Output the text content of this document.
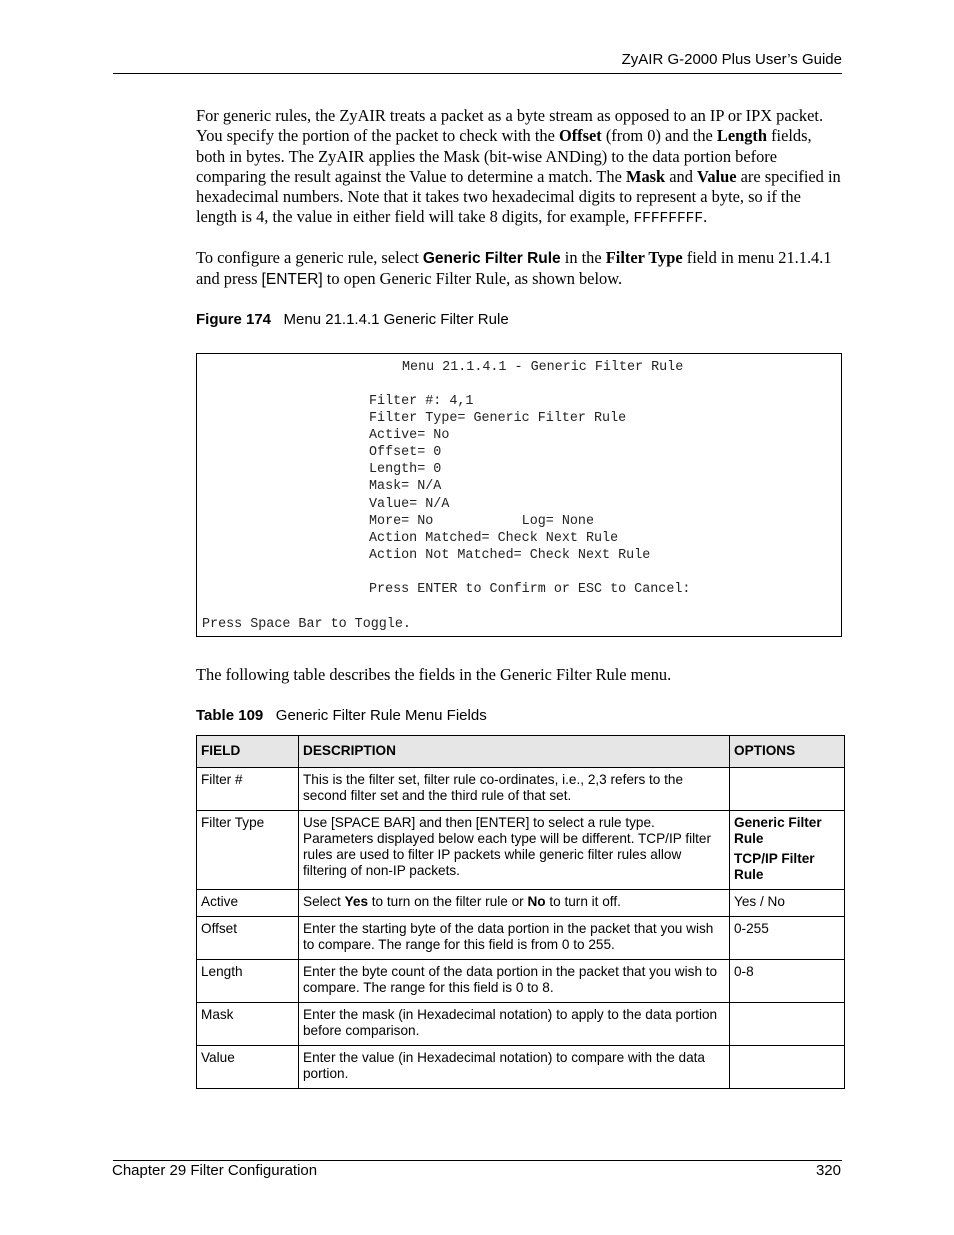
ZyAIR G-2000 Plus User’s Guide

For generic rules, the ZyAIR treats a packet as a byte stream as opposed to an IP or IPX packet. You specify the portion of the packet to check with the Offset (from 0) and the Length fields, both in bytes. The ZyAIR applies the Mask (bit-wise ANDing) to the data portion before comparing the result against the Value to determine a match. The Mask and Value are specified in hexadecimal numbers. Note that it takes two hexadecimal digits to represent a byte, so if the length is 4, the value in either field will take 8 digits, for example, FFFFFFFF.

To configure a generic rule, select Generic Filter Rule in the Filter Type field in menu 21.1.4.1 and press [ENTER] to open Generic Filter Rule, as shown below.

Figure 174 Menu 21.1.4.1 Generic Filter Rule
Menu 21.1.4.1 - Generic Filter Rule
Filter #: 4,1
Filter Type= Generic Filter Rule
Active= No
Offset= 0
Length= 0
Mask= N/A
Value= N/A
More= No           Log= None
Action Matched= Check Next Rule
Action Not Matched= Check Next Rule
Press ENTER to Confirm or ESC to Cancel:
Press Space Bar to Toggle.

The following table describes the fields in the Generic Filter Rule menu.

Table 109 Generic Filter Rule Menu Fields
FIELD	DESCRIPTION	OPTIONS
Filter #	This is the filter set, filter rule co-ordinates, i.e., 2,3 refers to the second filter set and the third rule of that set.	
Filter Type	Use [SPACE BAR] and then [ENTER] to select a rule type. Parameters displayed below each type will be different. TCP/IP filter rules are used to filter IP packets while generic filter rules allow filtering of non-IP packets.	Generic Filter Rule
TCP/IP Filter Rule

Active	Select Yes to turn on the filter rule or No to turn it off.	Yes / No
Offset	Enter the starting byte of the data portion in the packet that you wish to compare. The range for this field is from 0 to 255.	0-255
Length	Enter the byte count of the data portion in the packet that you wish to compare. The range for this field is 0 to 8.	0-8
Mask	Enter the mask (in Hexadecimal notation) to apply to the data portion before comparison.	
Value	Enter the value (in Hexadecimal notation) to compare with the data portion.	
Chapter 29 Filter Configuration	320
